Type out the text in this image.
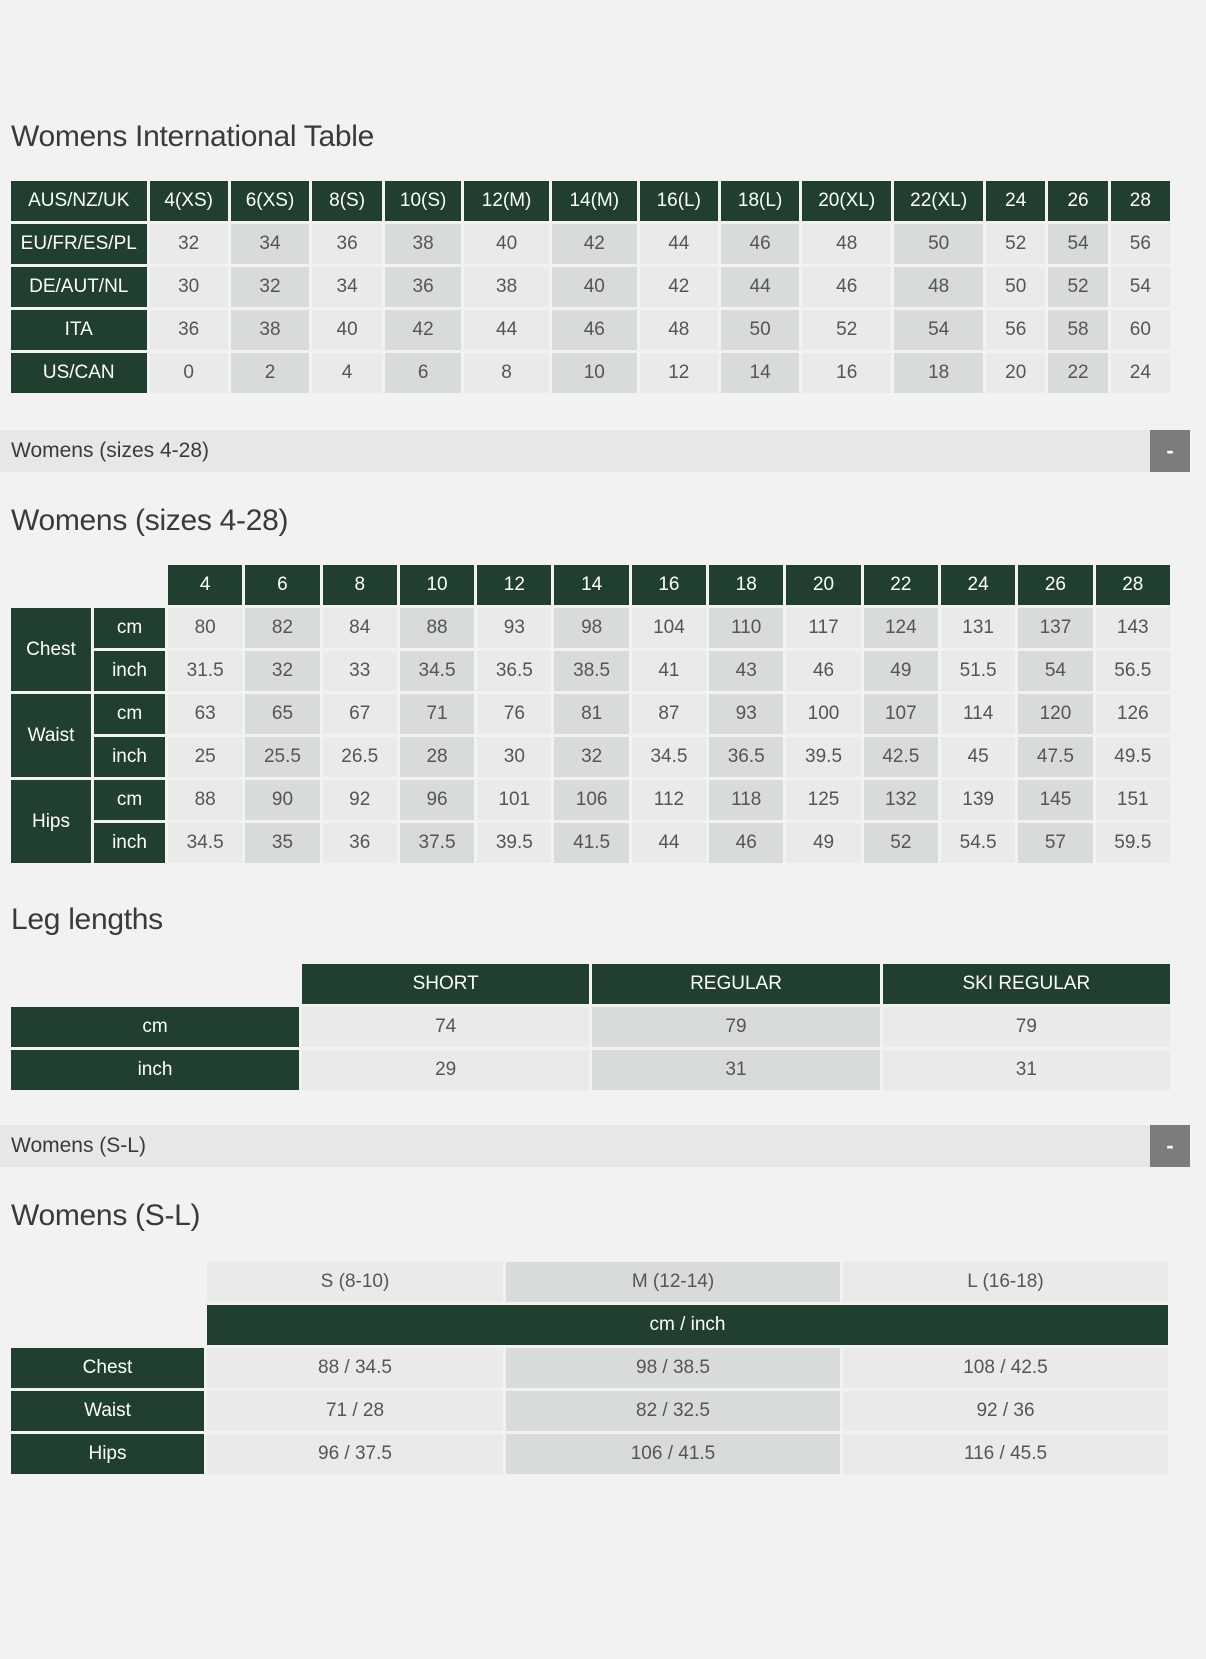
Womens International Table
AUS/NZ/UK	4(XS)	6(XS)	8(S)	10(S)	12(M)	14(M)	16(L)	18(L)	20(XL)	22(XL)	24	26	28
EU/FR/ES/PL	32	34	36	38	40	42	44	46	48	50	52	54	56
DE/AUT/NL	30	32	34	36	38	40	42	44	46	48	50	52	54
ITA	36	38	40	42	44	46	48	50	52	54	56	58	60
US/CAN	0	2	4	6	8	10	12	14	16	18	20	22	24
Womens (sizes 4-28)	-
Womens (sizes 4-28)
		4	6	8	10	12	14	16	18	20	22	24	26	28
Chest	cm	80	82	84	88	93	98	104	110	117	124	131	137	143
	inch	31.5	32	33	34.5	36.5	38.5	41	43	46	49	51.5	54	56.5
Waist	cm	63	65	67	71	76	81	87	93	100	107	114	120	126
	inch	25	25.5	26.5	28	30	32	34.5	36.5	39.5	42.5	45	47.5	49.5
Hips	cm	88	90	92	96	101	106	112	118	125	132	139	145	151
	inch	34.5	35	36	37.5	39.5	41.5	44	46	49	52	54.5	57	59.5
Leg lengths
	SHORT	REGULAR	SKI REGULAR
cm	74	79	79
inch	29	31	31
Womens (S-L)	-
Womens (S-L)
	S (8-10)	M (12-14)	L (16-18)
	cm / inch		
Chest	88 / 34.5	98 / 38.5	108 / 42.5
Waist	71 / 28	82 / 32.5	92 / 36
Hips	96 / 37.5	106 / 41.5	116 / 45.5
